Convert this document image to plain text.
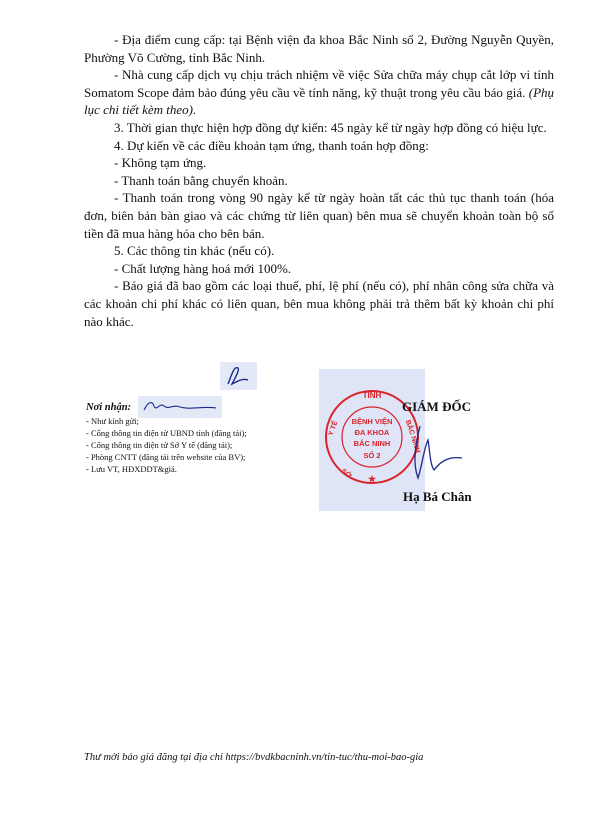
- Địa điểm cung cấp: tại Bệnh viện đa khoa Bắc Ninh số 2, Đường Nguyễn Quyền, Phường Võ Cường, tỉnh Bắc Ninh.

- Nhà cung cấp dịch vụ chịu trách nhiệm về việc Sửa chữa máy chụp cắt lớp vi tính Somatom Scope đảm bảo đúng yêu cầu về tính năng, kỹ thuật trong yêu cầu báo giá. (Phụ lục chi tiết kèm theo).

3. Thời gian thực hiện hợp đồng dự kiến: 45 ngày kể từ ngày hợp đồng có hiệu lực.

4. Dự kiến về các điều khoản tạm ứng, thanh toán hợp đồng:

- Không tạm ứng.

- Thanh toán bằng chuyển khoản.

- Thanh toán trong vòng 90 ngày kể từ ngày hoàn tất các thủ tục thanh toán (hóa đơn, biên bản bàn giao và các chứng từ liên quan) bên mua sẽ chuyển khoản toàn bộ số tiền đã mua hàng hóa cho bên bán.

5. Các thông tin khác (nếu có).

- Chất lượng hàng hoá mới 100%.

- Báo giá đã bao gồm các loại thuế, phí, lệ phí (nếu có), phí nhân công sửa chữa và các khoản chi phí khác có liên quan, bên mua không phải trả thêm bất kỳ khoản chi phí nào khác.

Nơi nhận:
- Như kính gửi;
- Cổng thông tin điện tử UBND tỉnh (đăng tải);
- Cổng thông tin điện tử Sở Y tế (đăng tải);
- Phòng CNTT (đăng tải trên website của BV);
- Lưu VT, HĐXDDT&giá.
TỈNH
BỆNH VIỆN
ĐA KHOA
BẮC NINH
SỐ 2
Y TẾ	BẮC NINH
SỞ ★
GIÁM ĐỐC
Hạ Bá Chân
Thư mời báo giá đăng tại địa chỉ https://bvdkbacninh.vn/tin-tuc/thu-moi-bao-gia
